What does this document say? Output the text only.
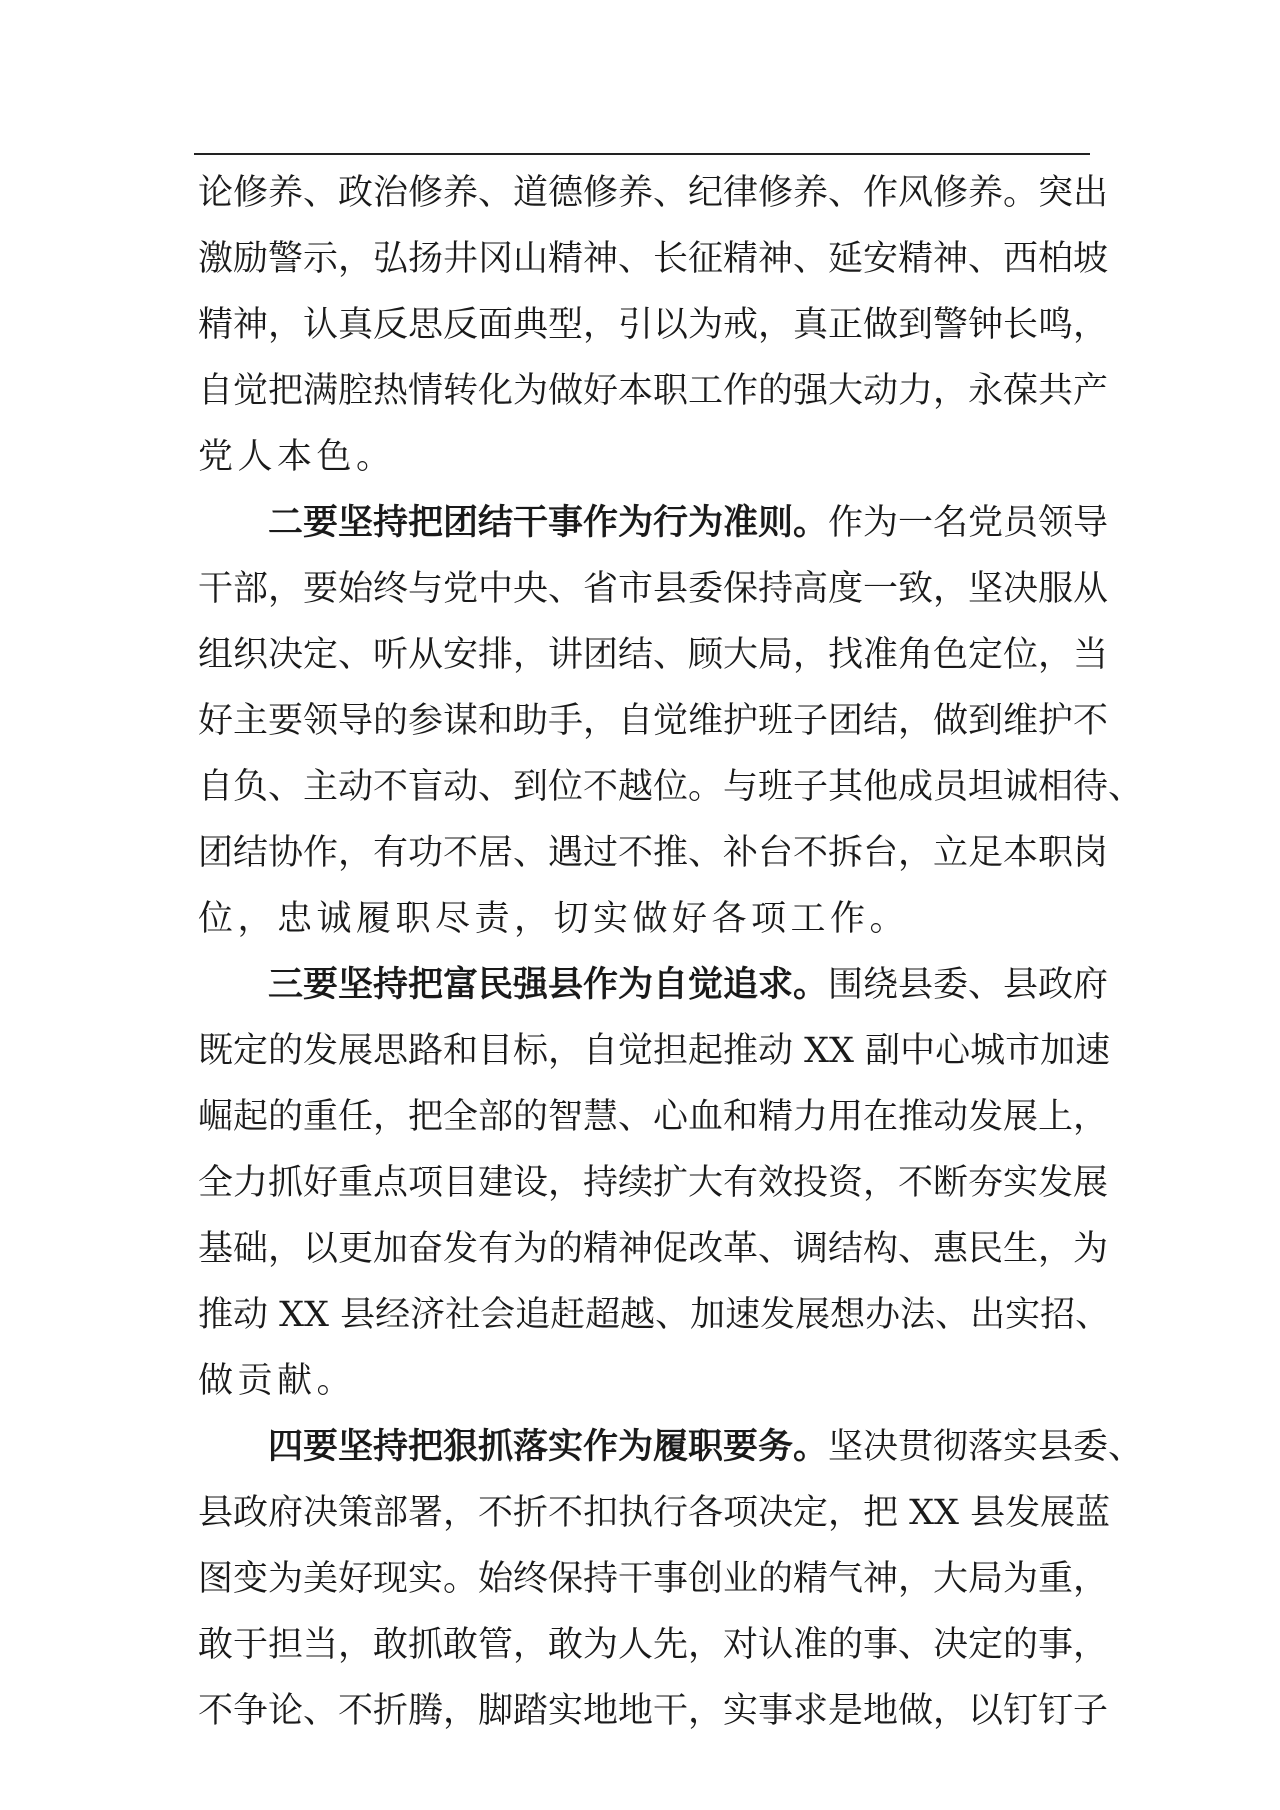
论修养、政治修养、道德修养、纪律修养、作风修养。突出
激励警示，弘扬井冈山精神、长征精神、延安精神、西柏坡
精神，认真反思反面典型，引以为戒，真正做到警钟长鸣，
自觉把满腔热情转化为做好本职工作的强大动力，永葆共产
党人本色。
二要坚持把团结干事作为行为准则。作为一名党员领导
干部，要始终与党中央、省市县委保持高度一致，坚决服从
组织决定、听从安排，讲团结、顾大局，找准角色定位，当
好主要领导的参谋和助手，自觉维护班子团结，做到维护不
自负、主动不盲动、到位不越位。与班子其他成员坦诚相待、
团结协作，有功不居、遇过不推、补台不拆台，立足本职岗
位，忠诚履职尽责，切实做好各项工作。
三要坚持把富民强县作为自觉追求。围绕县委、县政府
既定的发展思路和目标，自觉担起推动 XX 副中心城市加速
崛起的重任，把全部的智慧、心血和精力用在推动发展上，
全力抓好重点项目建设，持续扩大有效投资，不断夯实发展
基础，以更加奋发有为的精神促改革、调结构、惠民生，为
推动 XX 县经济社会追赶超越、加速发展想办法、出实招、
做贡献。
四要坚持把狠抓落实作为履职要务。坚决贯彻落实县委、
县政府决策部署，不折不扣执行各项决定，把 XX 县发展蓝
图变为美好现实。始终保持干事创业的精气神，大局为重，
敢于担当，敢抓敢管，敢为人先，对认准的事、决定的事，
不争论、不折腾，脚踏实地地干，实事求是地做，以钉钉子
